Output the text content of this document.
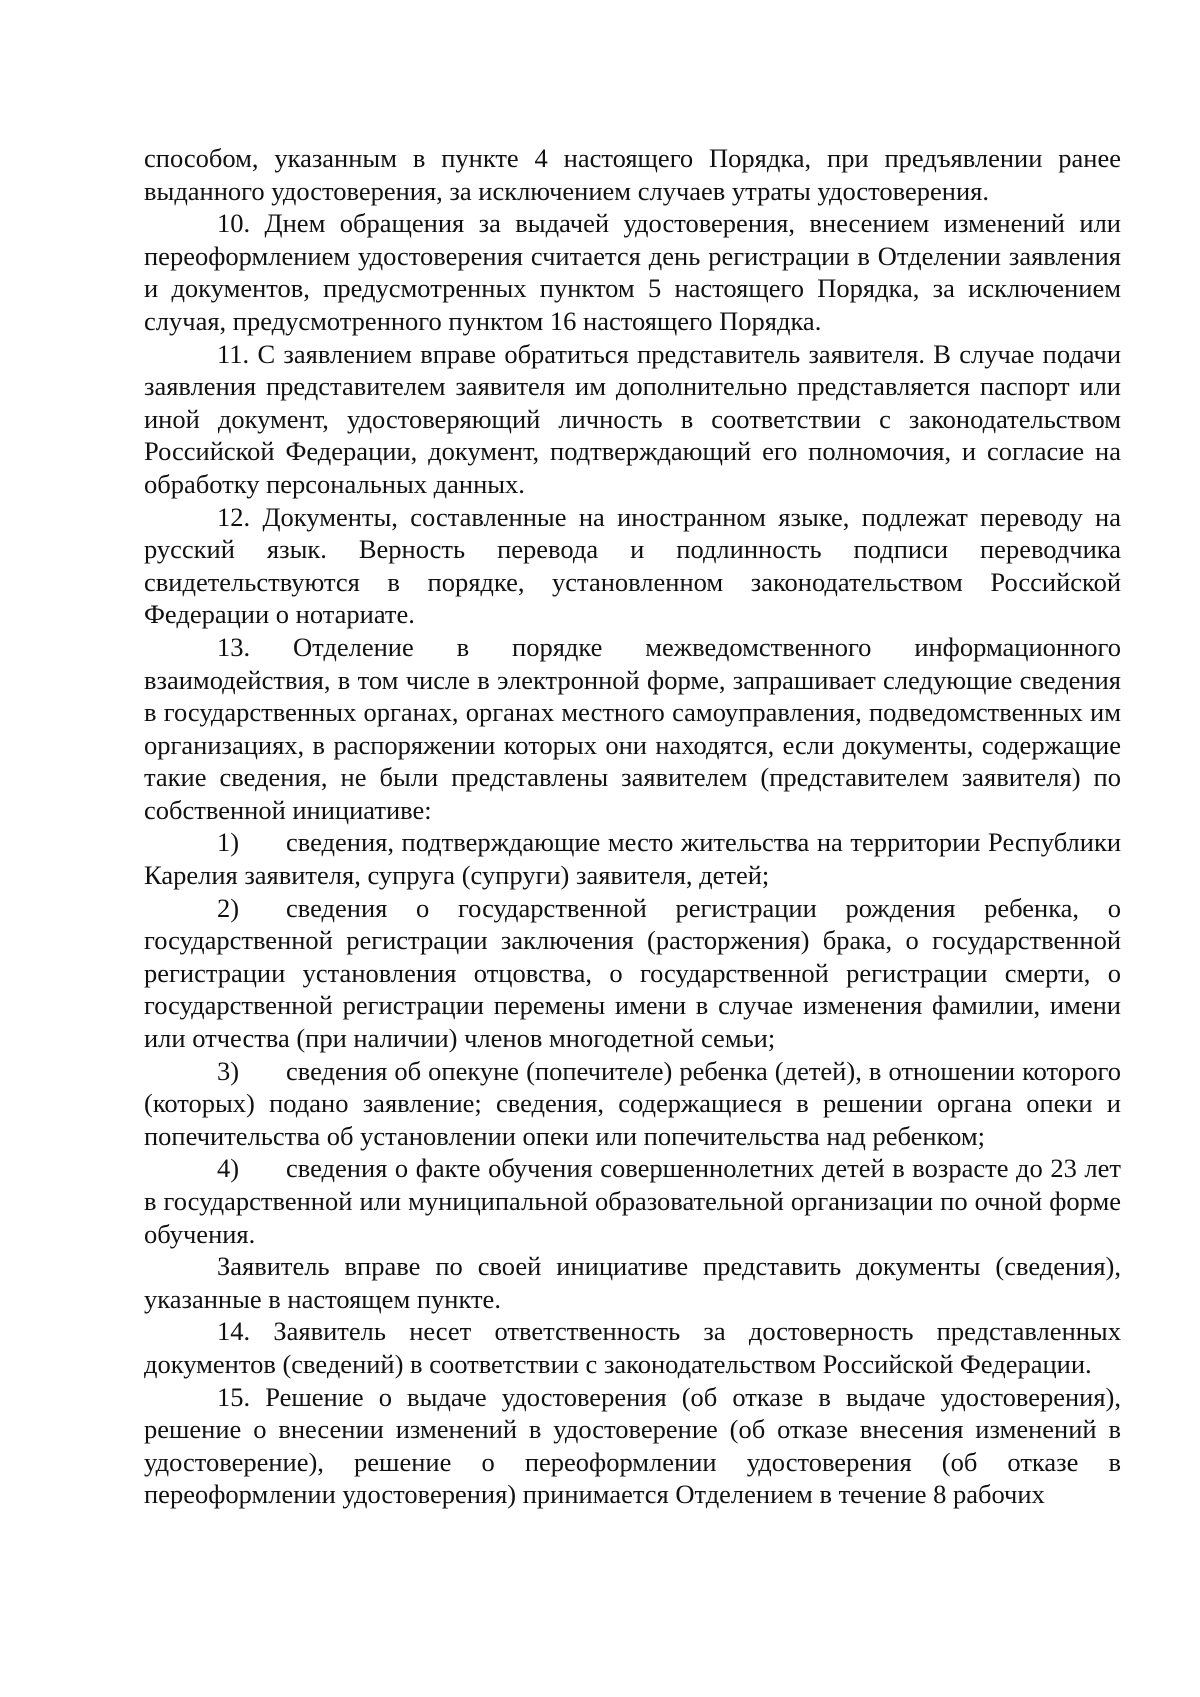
способом, указанным в пункте 4 настоящего Порядка, при предъявлении ранее выданного удостоверения, за исключением случаев утраты удостоверения.

10. Днем обращения за выдачей удостоверения, внесением изменений или переоформлением удостоверения считается день регистрации в Отделении заявления и документов, предусмотренных пунктом 5 настоящего Порядка, за исключением случая, предусмотренного пунктом 16 настоящего Порядка.

11. С заявлением вправе обратиться представитель заявителя. В случае подачи заявления представителем заявителя им дополнительно представляется паспорт или иной документ, удостоверяющий личность в соответствии с законодательством Российской Федерации, документ, подтверждающий его полномочия, и согласие на обработку персональных данных.

12. Документы, составленные на иностранном языке, подлежат переводу на русский язык. Верность перевода и подлинность подписи переводчика свидетельствуются в порядке, установленном законодательством Российской Федерации о нотариате.

13. Отделение в порядке межведомственного информационного взаимодействия, в том числе в электронной форме, запрашивает следующие сведения в государственных органах, органах местного самоуправления, подведомственных им организациях, в распоряжении которых они находятся, если документы, содержащие такие сведения, не были представлены заявителем (представителем заявителя) по собственной инициативе:

1) сведения, подтверждающие место жительства на территории Республики Карелия заявителя, супруга (супруги) заявителя, детей;

2) сведения о государственной регистрации рождения ребенка, о государственной регистрации заключения (расторжения) брака, о государственной регистрации установления отцовства, о государственной регистрации смерти, о государственной регистрации перемены имени в случае изменения фамилии, имени или отчества (при наличии) членов многодетной семьи;

3) сведения об опекуне (попечителе) ребенка (детей), в отношении которого (которых) подано заявление; сведения, содержащиеся в решении органа опеки и попечительства об установлении опеки или попечительства над ребенком;

4) сведения о факте обучения совершеннолетних детей в возрасте до 23 лет в государственной или муниципальной образовательной организации по очной форме обучения.

Заявитель вправе по своей инициативе представить документы (сведения), указанные в настоящем пункте.

14. Заявитель несет ответственность за достоверность представленных документов (сведений) в соответствии с законодательством Российской Федерации.

15. Решение о выдаче удостоверения (об отказе в выдаче удостоверения), решение о внесении изменений в удостоверение (об отказе внесения изменений в удостоверение), решение о переоформлении удостоверения (об отказе в переоформлении удостоверения) принимается Отделением в течение 8 рабочих
